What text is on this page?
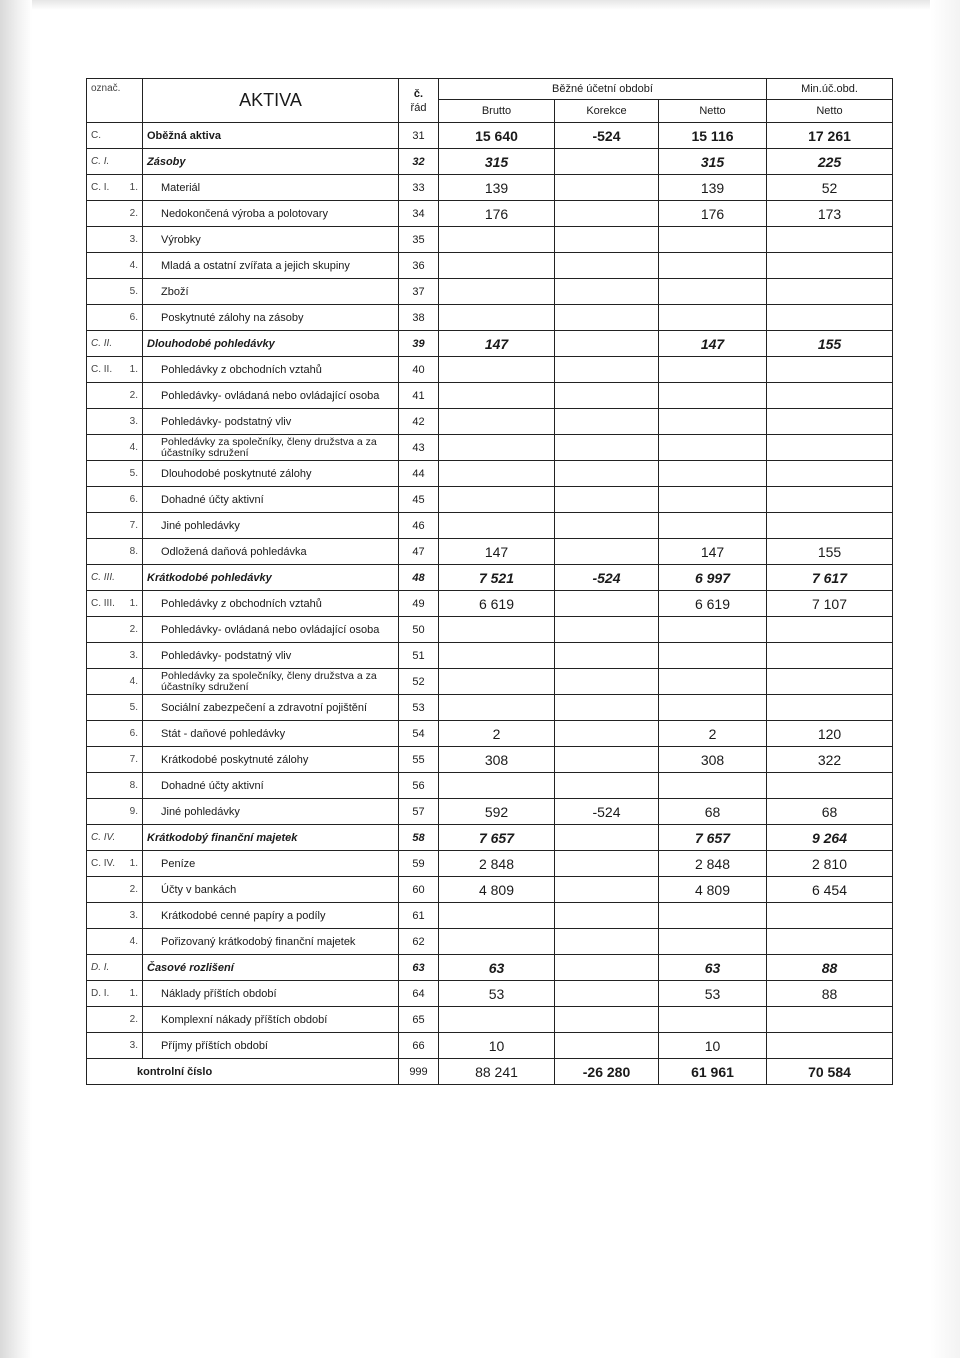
označ.	AKTIVA	č.
řád	Běžné účetní období			Min.úč.obd.
			Brutto	Korekce	Netto	Netto
C.	Oběžná aktiva	31	15 640	-524	15 116	17 261
C. I.	Zásoby	32	315		315	225
C. I. 1.	Materiál	33	139		139	52

2.	Nedokončená výroba a polotovary	34	176		176	173

3.	Výrobky	35				

4.	Mladá a ostatní zvířata a jejich skupiny	36				

5.	Zboží	37				

6.	Poskytnuté zálohy na zásoby	38				
C. II.	Dlouhodobé pohledávky	39	147		147	155
C. II. 1.	Pohledávky z obchodních vztahů	40				

2.	Pohledávky- ovládaná nebo ovládající osoba	41				

3.	Pohledávky- podstatný vliv	42				

4.	Pohledávky za společníky, členy družstva a za účastníky sdružení	43				

5.	Dlouhodobé poskytnuté zálohy	44				

6.	Dohadné účty aktivní	45				

7.	Jiné pohledávky	46				

8.	Odložená daňová pohledávka	47	147		147	155
C. III.	Krátkodobé pohledávky	48	7 521	-524	6 997	7 617
C. III. 1.	Pohledávky z obchodních vztahů	49	6 619		6 619	7 107

2.	Pohledávky- ovládaná nebo ovládající osoba	50				

3.	Pohledávky- podstatný vliv	51				

4.	Pohledávky za společníky, členy družstva a za účastníky sdružení	52				

5.	Sociální zabezpečení a zdravotní pojištění	53				

6.	Stát - daňové pohledávky	54	2		2	120

7.	Krátkodobé poskytnuté zálohy	55	308		308	322

8.	Dohadné účty aktivní	56				

9.	Jiné pohledávky	57	592	-524	68	68
C. IV.	Krátkodobý finanční majetek	58	7 657		7 657	9 264
C. IV. 1.	Peníze	59	2 848		2 848	2 810

2.	Účty v bankách	60	4 809		4 809	6 454

3.	Krátkodobé cenné papíry a podíly	61				

4.	Pořizovaný krátkodobý finanční majetek	62				
D. I.	Časové rozlišení	63	63		63	88
D. I. 1.	Náklady příštích období	64	53		53	88

2.	Komplexní nákady příštích období	65				

3.	Příjmy příštích období	66	10		10	
kontrolní číslo		999	88 241	-26 280	61 961	70 584
